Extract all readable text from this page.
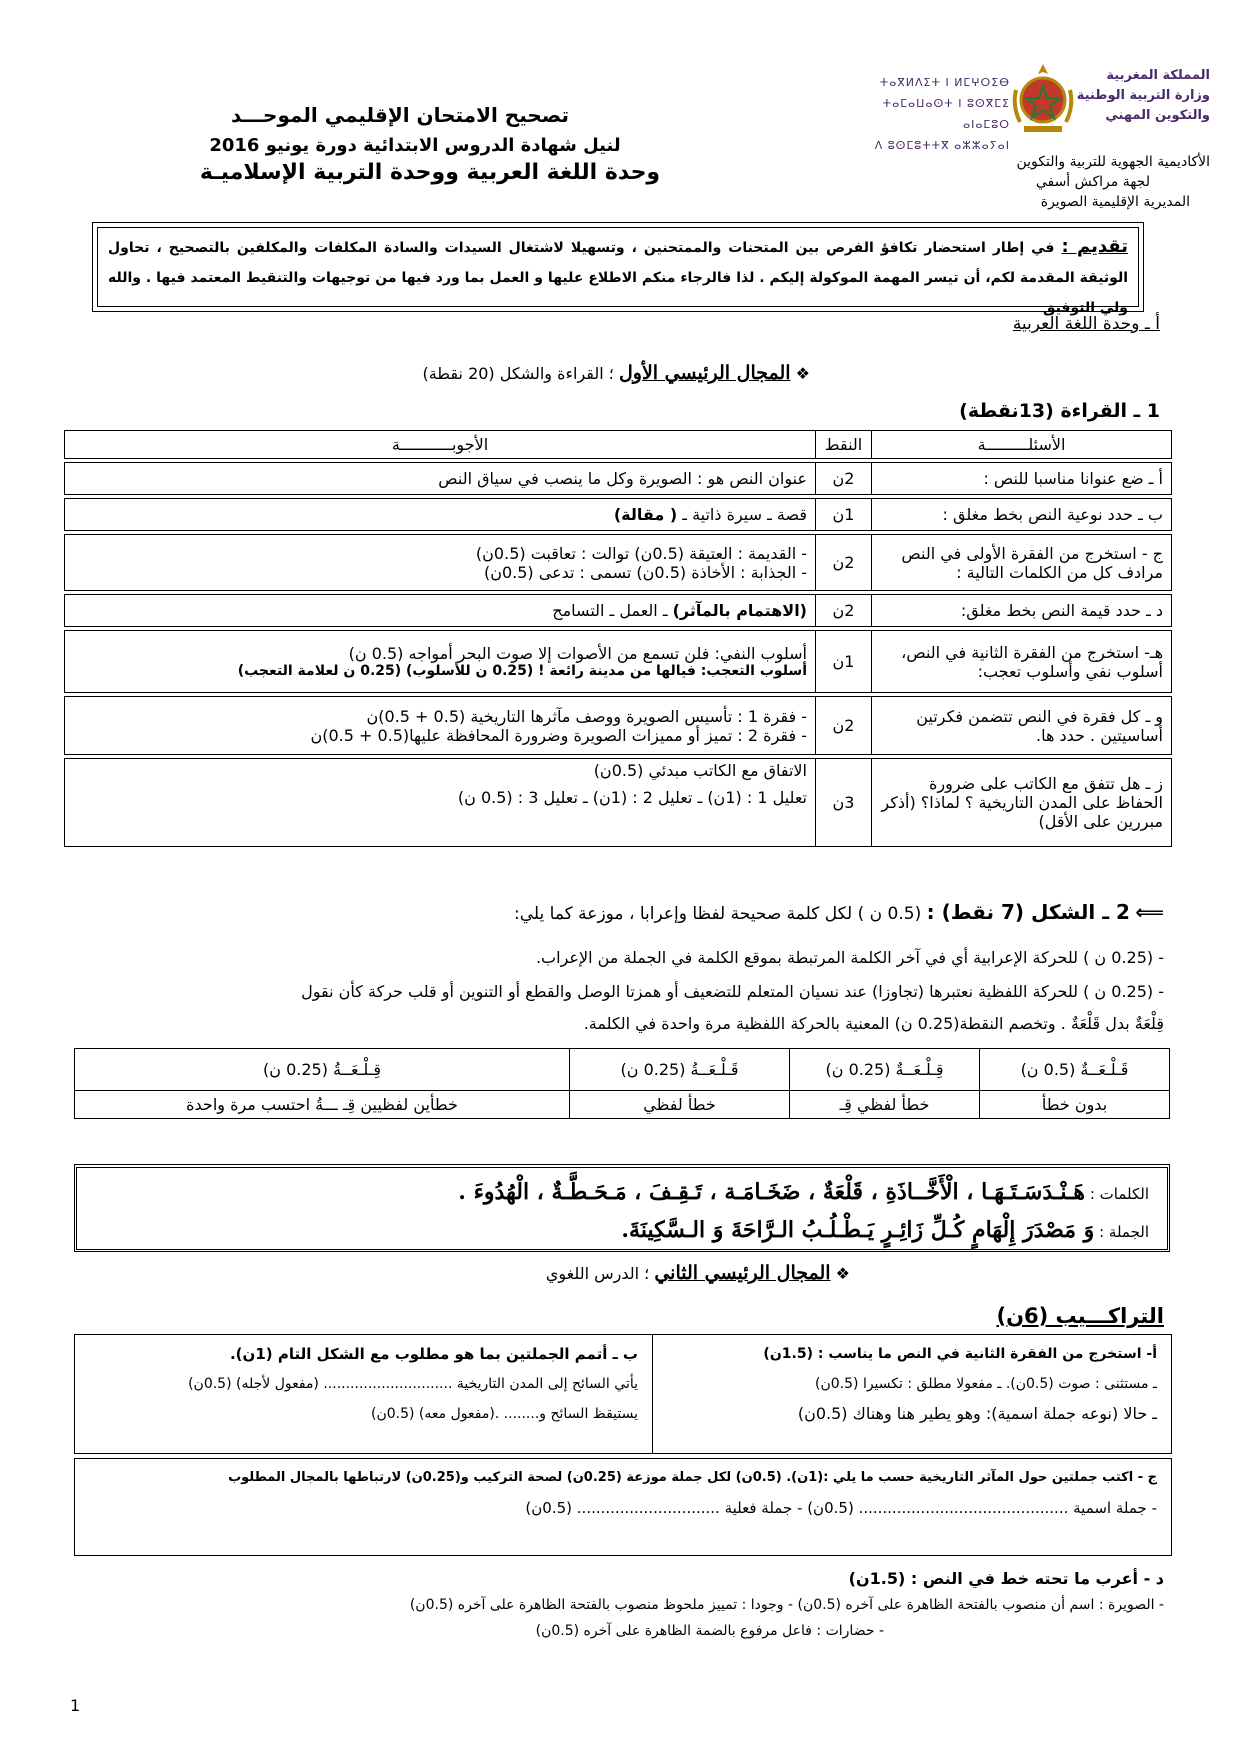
تصحيح الامتحان الإقليمي الموحـــد
لنيل شهادة الدروس الابتدائية دورة يونيو 2016
وحدة اللغة العربية ووحدة التربية الإسلاميـة
المملكة المغربية
وزارة التربية الوطنية
والتكوين المهني
ⵜⴰⴳⵍⴷⵉⵜ ⵏ ⵍⵎⵖⵔⵉⴱ
ⵜⴰⵎⴰⵡⴰⵙⵜ ⵏ ⵓⵙⴳⵎⵉ ⴰⵏⴰⵎⵓⵔ
ⴷ ⵓⵙⵎⵓⵜⵜⴳ ⴰⵣⵣⴰⵢⴰⵏ
الأكاديمية الجهوية للتربية والتكوين
لجهة مراكش أسفي
المديرية الإقليمية الصويرة
تقديم : في إطار استحضار تكافؤ الفرص بين المتحنات والممتحنين ، وتسهيلا لاشتغال السيدات والسادة المكلفات والمكلفين بالتصحيح ، تحاول الوثيقة المقدمة لكم، أن تيسر المهمة الموكولة إليكم . لذا فالرجاء منكم الاطلاع عليها و العمل بما ورد فيها من توجيهات والتنقيط المعتمد فيها . والله ولي التوفيق
أ ـ وحدة اللغة العربية
❖ المجال الرئيسي الأول ؛ القراءة والشكل (20 نقطة)
1 ـ القراءة (13نقطة)
الأسئلـــــــــة	النقط	الأجوبـــــــــــة

أ ـ ضع عنوانا مناسبا للنص :	2ن	عنوان النص هو : الصويرة وكل ما ينصب في سياق النص

ب ـ حدد نوعية النص بخط مغلق :	1ن	قصة ـ سيرة ذاتية ـ ( مقالة)

ج - استخرج من الفقرة الأولى في النص مرادف كل من الكلمات التالية :	2ن	- القديمة : العتيقة (0.5ن) توالت : تعاقبت (0.5ن)
- الجذابة : الأخاذة (0.5ن) تسمى : تدعى (0.5ن)

د ـ حدد قيمة النص بخط مغلق:	2ن	(الاهتمام بالمآثر) ـ العمل ـ التسامح

هـ- استخرج من الفقرة الثانية في النص، أسلوب نفي وأسلوب تعجب:	1ن	أسلوب النفي: فلن تسمع من الأصوات إلا صوت البحر أمواجه (0.5 ن)
أسلوب التعجب: فيالها من مدينة رائعة ! (0.25 ن للأسلوب) (0.25 ن لعلامة التعجب)

و ـ كل فقرة في النص تتضمن فكرتين أساسيتين . حدد ها.	2ن	- فقرة 1 : تأسيس الصويرة ووصف مآثرها التاريخية (0.5 + 0.5)ن
- فقرة 2 : تميز أو مميزات الصويرة وضرورة المحافظة عليها(0.5 + 0.5)ن

ز ـ هل تتفق مع الكاتب على ضرورة الحفاظ على المدن التاريخية ؟ لماذا؟ (أذكر مبررين على الأقل)	3ن	الاتفاق مع الكاتب مبدئي (0.5ن)
تعليل 1 : (1ن) ـ تعليل 2 : (1ن) ـ تعليل 3 : (0.5 ن)
⟸ 2 ـ الشكل (7 نقط) : (0.5 ن ) لكل كلمة صحيحة لفظا وإعرابا ، موزعة كما يلي:
- (0.25 ن ) للحركة الإعرابية أي في آخر الكلمة المرتبطة بموقع الكلمة في الجملة من الإعراب.
- (0.25 ن ) للحركة اللفظية نعتبرها (تجاوزا) عند نسيان المتعلم للتضعيف أو همزتا الوصل والقطع أو التنوين أو قلب حركة كأن نقول
قِلْعَةٌ بدل قَلْعَةٌ . وتخصم النقطة(0.25 ن) المعنية بالحركة اللفظية مرة واحدة في الكلمة.
قَـلْـعَــةٌ (0.5 ن)	قِـلْـعَــةٌ (0.25 ن)	قَـلْـعَــةُ (0.25 ن)	قِـلْـعَــةُ (0.25 ن)
بدون خطأ	خطأ لفظي قِـ	خطأ لفظي	خطأين لفظيين قِـ ـــةُ احتسب مرة واحدة
الكلمات : هَـنْـدَسَـتَـهَـا ، الْأَخَّــاذَةِ ، قَلْعَةٌ ، ضَخَـامَـة ، تَـقِـفَ ، مَـحَـطَّـةٌ ، الْهُدُوءَ .
الجملة : وَ مَصْدَرَ إِلْهَامٍ كُـلِّ زَائِـرٍ يَـطْـلُـبُ الـرَّاحَةَ وَ الـسَّكِينَةَ.
❖ المجال الرئيسي الثاني ؛ الدرس اللغوي
التراكـــيب (6ن)
أ- استخرج من الفقرة الثانية في النص ما يناسب : (1.5ن)
ـ مستثنى : صوت (0.5ن). ـ مفعولا مطلق : تكسيرا (0.5ن)
ـ حالا (نوعه جملة اسمية): وهو يطير هنا وهناك (0.5ن)
ب ـ أتمم الجملتين بما هو مطلوب مع الشكل التام (1ن).
يأتي السائح إلى المدن التاريخية ............................. (مفعول لأجله) (0.5ن)
يستيقظ السائح و........ .(مفعول معه) (0.5ن)
ج - اكتب جملتين حول المآثر التاريخية حسب ما يلي :(1ن). (0.5ن) لكل جملة موزعة (0.25ن) لصحة التركيب و(0.25ن) لارتباطها بالمجال المطلوب
- جملة اسمية ............................................ (0.5ن) - جملة فعلية .............................. (0.5ن)
د - أعرب ما تحته خط في النص : (1.5ن)
- الصويرة : اسم أن منصوب بالفتحة الظاهرة على آخره (0.5ن) - وجودا : تمييز ملحوظ منصوب بالفتحة الظاهرة على آخره (0.5ن)
- حضارات : فاعل مرفوع بالضمة الظاهرة على آخره (0.5ن)
1
